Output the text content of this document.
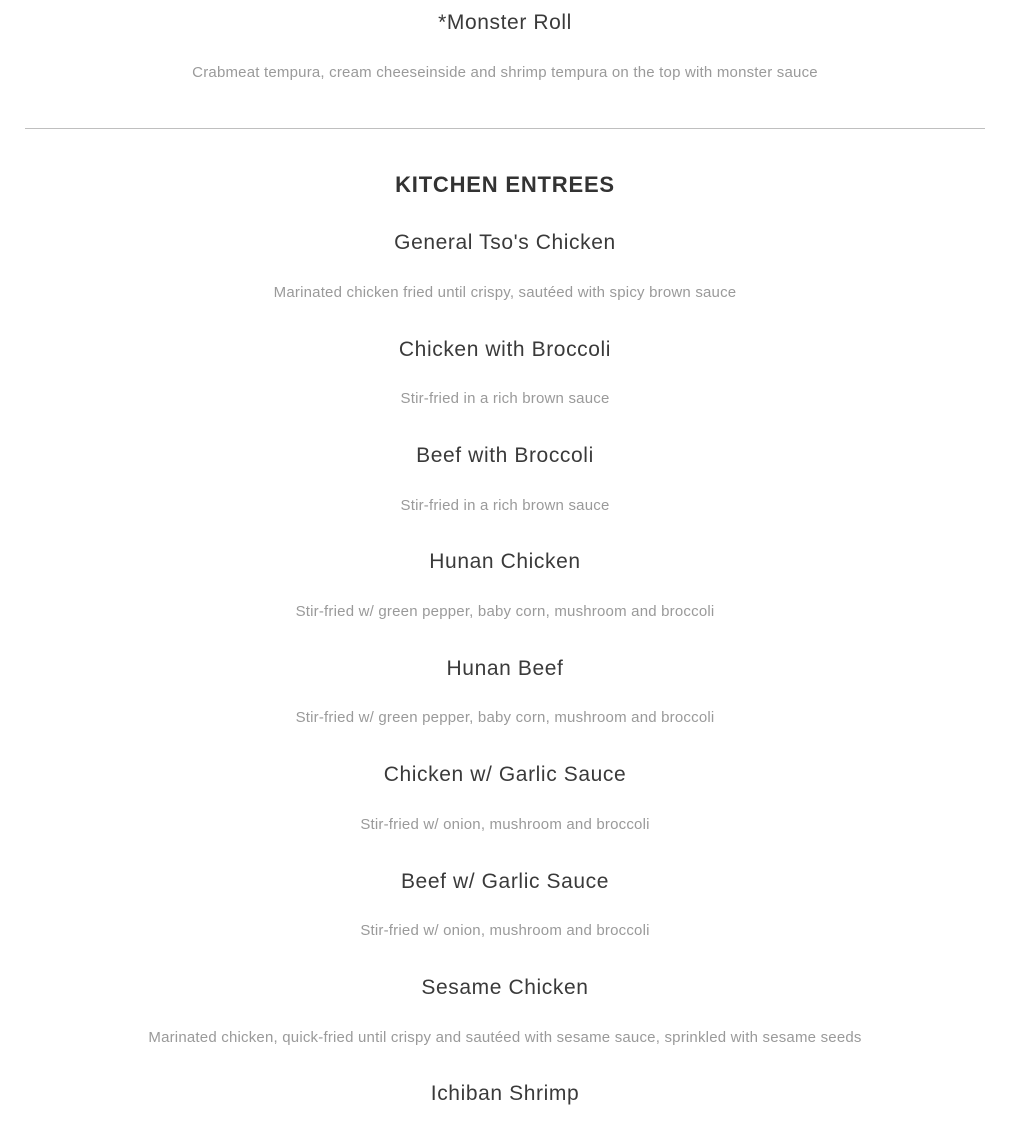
*Monster Roll
Crabmeat tempura, cream cheeseinside and shrimp tempura on the top with monster sauce
KITCHEN ENTREES
General Tso's Chicken
Marinated chicken fried until crispy, sautéed with spicy brown sauce
Chicken with Broccoli
Stir-fried in a rich brown sauce
Beef with Broccoli
Stir-fried in a rich brown sauce
Hunan Chicken
Stir-fried w/ green pepper, baby corn, mushroom and broccoli
Hunan Beef
Stir-fried w/ green pepper, baby corn, mushroom and broccoli
Chicken w/ Garlic Sauce
Stir-fried w/ onion, mushroom and broccoli
Beef w/ Garlic Sauce
Stir-fried w/ onion, mushroom and broccoli
Sesame Chicken
Marinated chicken, quick-fried until crispy and sautéed with sesame sauce, sprinkled with sesame seeds
Ichiban Shrimp
